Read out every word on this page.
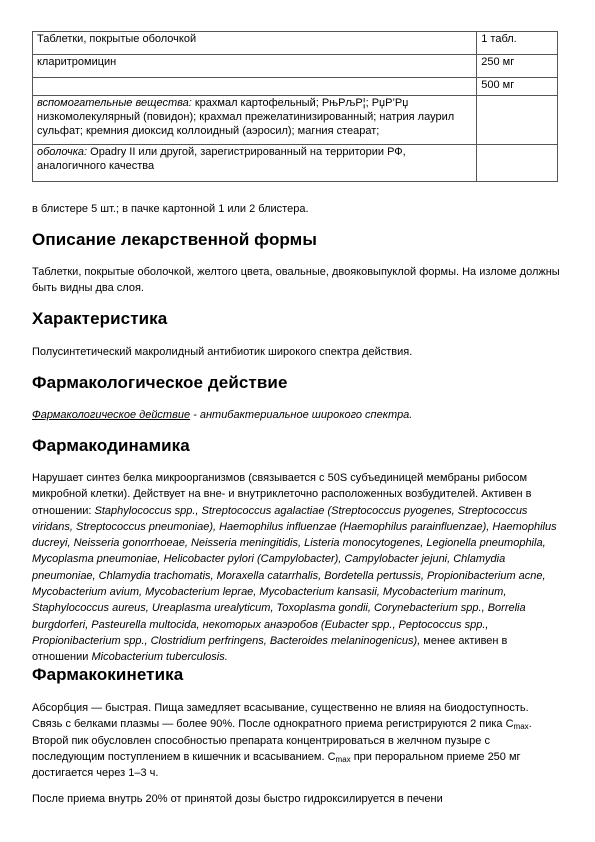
Таблетки, покрытые оболочкой	1 табл.
кларитромицин	250 мг
	500 мг
вспомогательные вещества: крахмал картофельный; РњРљР¦; РџР’Рџ низкомолекулярный (повидон); крахмал прежелатинизированный; натрия лаурил сульфат; кремния диоксид коллоидный (аэросил); магния стеарат;	
оболочка: Opadry II или другой, зарегистрированный на территории РФ, аналогичного качества	
в блистере 5 шт.; в пачке картонной 1 или 2 блистера.
Описание лекарственной формы
Таблетки, покрытые оболочкой, желтого цвета, овальные, двояковыпуклой формы. На изломе должны быть видны два слоя.
Характеристика
Полусинтетический макролидный антибиотик широкого спектра действия.
Фармакологическое действие
Фармакологическое действие - антибактериальное широкого спектра.
Фармакодинамика
Нарушает синтез белка микроорганизмов (связывается с 50S субъединицей мембраны рибосом микробной клетки). Действует на вне- и внутриклеточно расположенных возбудителей. Активен в отношении: Staphylococcus spp., Streptococcus agalactiae (Streptococcus pyogenes, Streptococcus viridans, Streptococcus pneumoniae), Haemophilus influenzae (Haemophilus parainfluenzae), Haemophilus ducreyi, Neisseria gonorrhoeae, Neisseria meningitidis, Listeria monocytogenes, Legionella pneumophila, Mycoplasma pneumoniae, Helicobacter pylori (Campylobacter), Campylobacter jejuni, Chlamydia pneumoniae, Chlamydia trachomatis, Moraxella catarrhalis, Bordetella pertussis, Propionibacterium acne, Mycobacterium avium, Mycobacterium leprae, Mycobacterium kansasii, Mycobacterium marinum, Staphylococcus aureus, Ureaplasma urealyticum, Toxoplasma gondii, Corynebacterium spp., Borrelia burgdorferi, Pasteurella multocida, некоторых анаэробов (Eubacter spp., Peptococcus spp., Propionibacterium spp., Clostridium perfringens, Bacteroides melaninogenicus), менее активен в отношении Micobacterium tuberculosis.
Фармакокинетика
Абсорбция — быстрая. Пища замедляет всасывание, существенно не влияя на биодоступность. Связь с белками плазмы — более 90%. После однократного приема регистрируются 2 пика $C_{max}$. Второй пик обусловлен способностью препарата концентрироваться в желчном пузыре с последующим поступлением в кишечник и всасыванием. $C_{max}$ при пероральном приеме 250 мг достигается через 1–3 ч.
После приема внутрь 20% от принятой дозы быстро гидроксилируется в печени
